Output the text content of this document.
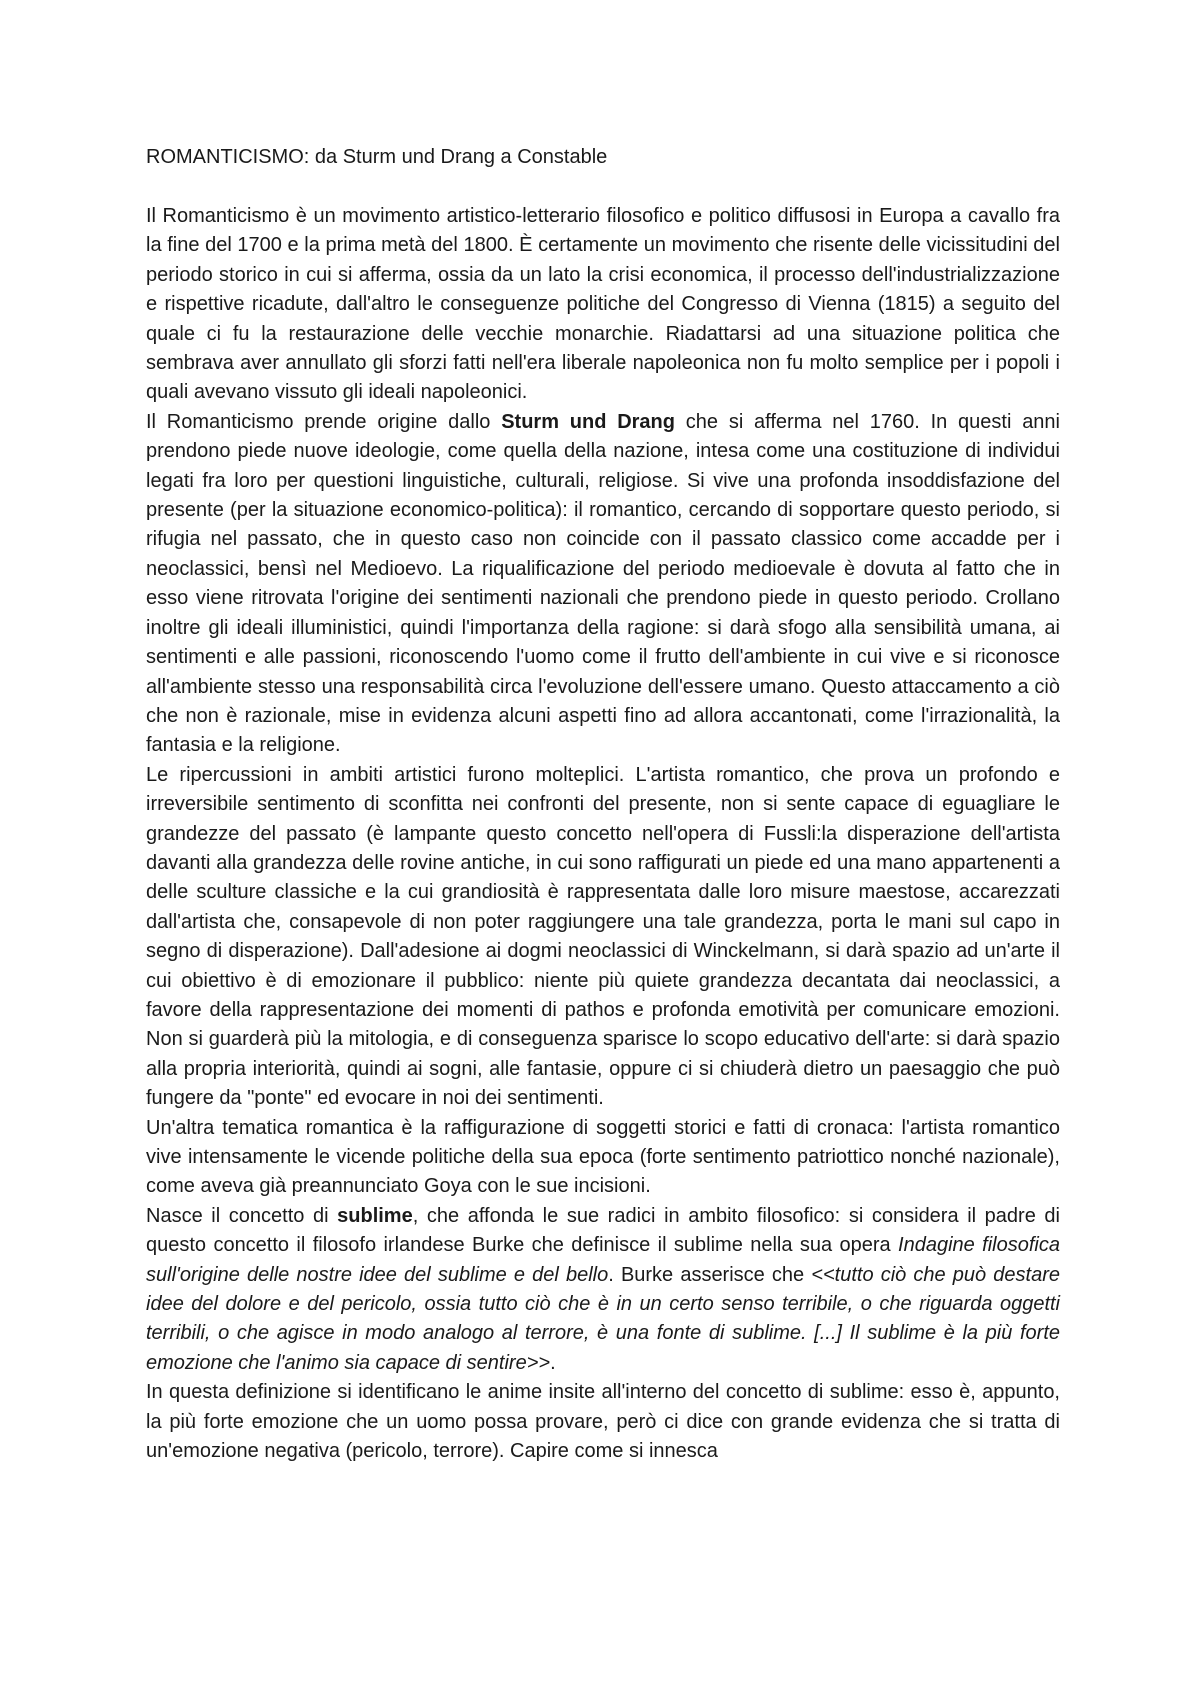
ROMANTICISMO: da Sturm und Drang a Constable

Il Romanticismo è un movimento artistico-letterario filosofico e politico diffusosi in Europa a cavallo fra la fine del 1700 e la prima metà del 1800. È certamente un movimento che risente delle vicissitudini del periodo storico in cui si afferma, ossia da un lato la crisi economica, il processo dell'industrializzazione e rispettive ricadute, dall'altro le conseguenze politiche del Congresso di Vienna (1815) a seguito del quale ci fu la restaurazione delle vecchie monarchie. Riadattarsi ad una situazione politica che sembrava aver annullato gli sforzi fatti nell'era liberale napoleonica non fu molto semplice per i popoli i quali avevano vissuto gli ideali napoleonici.

Il Romanticismo prende origine dallo Sturm und Drang che si afferma nel 1760. In questi anni prendono piede nuove ideologie, come quella della nazione, intesa come una costituzione di individui legati fra loro per questioni linguistiche, culturali, religiose. Si vive una profonda insoddisfazione del presente (per la situazione economico-politica): il romantico, cercando di sopportare questo periodo, si rifugia nel passato, che in questo caso non coincide con il passato classico come accadde per i neoclassici, bensì nel Medioevo. La riqualificazione del periodo medioevale è dovuta al fatto che in esso viene ritrovata l'origine dei sentimenti nazionali che prendono piede in questo periodo. Crollano inoltre gli ideali illuministici, quindi l'importanza della ragione: si darà sfogo alla sensibilità umana, ai sentimenti e alle passioni, riconoscendo l'uomo come il frutto dell'ambiente in cui vive e si riconosce all'ambiente stesso una responsabilità circa l'evoluzione dell'essere umano. Questo attaccamento a ciò che non è razionale, mise in evidenza alcuni aspetti fino ad allora accantonati, come l'irrazionalità, la fantasia e la religione.

Le ripercussioni in ambiti artistici furono molteplici. L'artista romantico, che prova un profondo e irreversibile sentimento di sconfitta nei confronti del presente, non si sente capace di eguagliare le grandezze del passato (è lampante questo concetto nell'opera di Fussli:la disperazione dell'artista davanti alla grandezza delle rovine antiche, in cui sono raffigurati un piede ed una mano appartenenti a delle sculture classiche e la cui grandiosità è rappresentata dalle loro misure maestose, accarezzati dall'artista che, consapevole di non poter raggiungere una tale grandezza, porta le mani sul capo in segno di disperazione). Dall'adesione ai dogmi neoclassici di Winckelmann, si darà spazio ad un'arte il cui obiettivo è di emozionare il pubblico: niente più quiete grandezza decantata dai neoclassici, a favore della rappresentazione dei momenti di pathos e profonda emotività per comunicare emozioni. Non si guarderà più la mitologia, e di conseguenza sparisce lo scopo educativo dell'arte: si darà spazio alla propria interiorità, quindi ai sogni, alle fantasie, oppure ci si chiuderà dietro un paesaggio che può fungere da "ponte" ed evocare in noi dei sentimenti.

Un'altra tematica romantica è la raffigurazione di soggetti storici e fatti di cronaca: l'artista romantico vive intensamente le vicende politiche della sua epoca (forte sentimento patriottico nonché nazionale), come aveva già preannunciato Goya con le sue incisioni.

Nasce il concetto di sublime, che affonda le sue radici in ambito filosofico: si considera il padre di questo concetto il filosofo irlandese Burke che definisce il sublime nella sua opera Indagine filosofica sull'origine delle nostre idee del sublime e del bello. Burke asserisce che <<tutto ciò che può destare idee del dolore e del pericolo, ossia tutto ciò che è in un certo senso terribile, o che riguarda oggetti terribili, o che agisce in modo analogo al terrore, è una fonte di sublime. [...] Il sublime è la più forte emozione che l'animo sia capace di sentire>>.

In questa definizione si identificano le anime insite all'interno del concetto di sublime: esso è, appunto, la più forte emozione che un uomo possa provare, però ci dice con grande evidenza che si tratta di un'emozione negativa (pericolo, terrore). Capire come si innesca
